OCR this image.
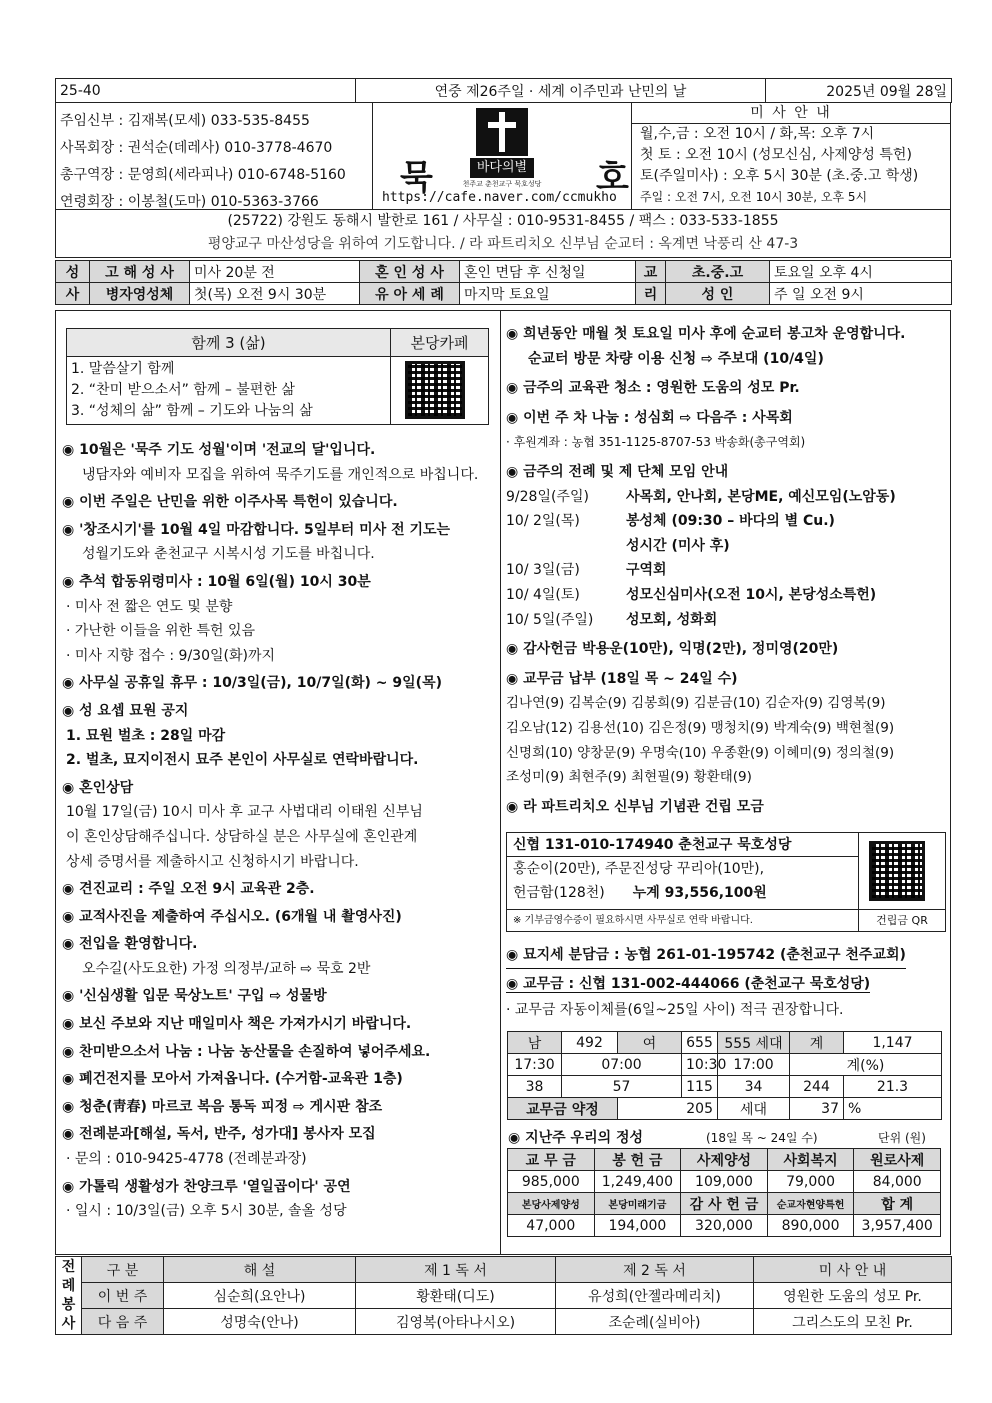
25-40	연중 제26주일 · 세계 이주민과 난민의 날	2025년 09월 28일
주임신부 : 김재복(모세) 033-535-8455
사목회장 : 권석순(데레사) 010-3778-4670
총구역장 : 문영희(세라피나) 010-6748-5160
연령회장 : 이봉철(도마) 010-5363-3766
묵	호
바다의별
천주교 춘천교구 묵호성당
https://cafe.naver.com/ccmukho
미 사 안 내
월,수,금 : 오전 10시 / 화,목: 오후 7시
첫 토 : 오전 10시 (성모신심, 사제양성 특헌)
토(주일미사) : 오후 5시 30분 (초.중.고 학생)
주일 : 오전 7시, 오전 10시 30분, 오후 5시
(25722) 강원도 동해시 발한로 161 / 사무실 : 010-9531-8455 / 팩스 : 033-533-1855
평양교구 마산성당을 위하여 기도합니다. / 라 파트리치오 신부님 순교터 : 옥계면 낙풍리 산 47-3
성	고 해 성 사	미사 20분 전	혼 인 성 사	혼인 면담 후 신청일	교	초.중.고	토요일 오후 4시
사	병자영성체	첫(목) 오전 9시 30분	유 아 세 례	마지막 토요일	리	성 인	주 일 오전 9시
함께 3 (삶)	본당카페

1. 말씀살기 함께
2. “찬미 받으소서” 함께 – 불편한 삶
3. “성체의 삶” 함께 – 기도와 나눔의 삶	

◉ 10월은 '묵주 기도 성월'이며 '전교의 달'입니다.
냉담자와 예비자 모집을 위하여 묵주기도를 개인적으로 바칩니다.
◉ 이번 주일은 난민을 위한 이주사목 특헌이 있습니다.
◉ '창조시기'를 10월 4일 마감합니다. 5일부터 미사 전 기도는
성월기도와 춘천교구 시복시성 기도를 바칩니다.
◉ 추석 합동위령미사 : 10월 6일(월) 10시 30분
· 미사 전 짧은 연도 및 분향
· 가난한 이들을 위한 특헌 있음
· 미사 지향 접수 : 9/30일(화)까지
◉ 사무실 공휴일 휴무 : 10/3일(금), 10/7일(화) ~ 9일(목)
◉ 성 요셉 묘원 공지
1. 묘원 벌초 : 28일 마감
2. 벌초, 묘지이전시 묘주 본인이 사무실로 연락바랍니다.
◉ 혼인상담
10월 17일(금) 10시 미사 후 교구 사법대리 이태원 신부님
이 혼인상담해주십니다. 상담하실 분은 사무실에 혼인관계
상세 증명서를 제출하시고 신청하시기 바랍니다.
◉ 견진교리 : 주일 오전 9시 교육관 2층.
◉ 교적사진을 제출하여 주십시오. (6개월 내 촬영사진)
◉ 전입을 환영합니다.
오수길(사도요한) 가정 의정부/교하 ⇨ 묵호 2반
◉ '신심생활 입문 묵상노트' 구입 ⇨ 성물방
◉ 보신 주보와 지난 매일미사 책은 가져가시기 바랍니다.
◉ 찬미받으소서 나눔 : 나눔 농산물을 손질하여 넣어주세요.
◉ 폐건전지를 모아서 가져옵니다. (수거함-교육관 1층)
◉ 청춘(靑春) 마르코 복음 통독 피정 ⇨ 게시판 참조
◉ 전례분과[해설, 독서, 반주, 성가대] 봉사자 모집
· 문의 : 010-9425-4778 (전례분과장)
◉ 가톨릭 생활성가 찬양크루 '열일곱이다' 공연
· 일시 : 10/3일(금) 오후 5시 30분, 솔올 성당
◉ 희년동안 매월 첫 토요일 미사 후에 순교터 봉고차 운영합니다.
순교터 방문 차량 이용 신청 ⇨ 주보대 (10/4일)
◉ 금주의 교육관 청소 : 영원한 도움의 성모 Pr.
◉ 이번 주 차 나눔 : 성심회 ⇨ 다음주 : 사목회
· 후원계좌 : 농협 351-1125-8707-53 박송화(총구역회)
◉ 금주의 전례 및 제 단체 모임 안내
9/28일(주일)	사목회, 안나회, 본당ME, 예신모임(노암동)
10/ 2일(목)	봉성체 (09:30 – 바다의 별 Cu.)
성시간 (미사 후)
10/ 3일(금)	구역회
10/ 4일(토)	성모신심미사(오전 10시, 본당성소특헌)
10/ 5일(주일)	성모회, 성화회
◉ 감사헌금 박용운(10만), 익명(2만), 정미영(20만)
◉ 교무금 납부 (18일 목 ~ 24일 수)
김나연(9) 김복순(9) 김봉희(9) 김분금(10) 김순자(9) 김영복(9)
김오남(12) 김용선(10) 김은정(9) 맹청치(9) 박계숙(9) 백현철(9)
신명희(10) 양창문(9) 우명숙(10) 우종환(9) 이혜미(9) 정의철(9)
조성미(9) 최현주(9) 최현필(9) 황환태(9)
◉ 라 파트리치오 신부님 기념관 건립 모금
신협 131-010-174940 춘천교구 묵호성당
홍순이(20만), 주문진성당 꾸리아(10만),
헌금함(128천) 누계 93,556,100원
※ 기부금영수증이 필요하시면 사무실로 연락 바랍니다.	건립금 QR
◉ 묘지세 분담금 : 농협 261-01-195742 (춘천교구 천주교회)
◉ 교무금 : 신협 131-002-444066 (춘천교구 묵호성당)
· 교무금 자동이체를(6일~25일 사이) 적극 권장합니다.
남	492	여	655	555 세대	계	1,147
17:30	07:00		10:30	17:00	계(%)	
38	57		115	34	244	21.3
교무금 약정		205		세대	37	%
◉ 지난주 우리의 정성	(18일 목 ~ 24일 수)	단위 (원)
교 무 금	봉 헌 금	사제양성	사회복지	원로사제
985,000	1,249,400	109,000	79,000	84,000
본당사제양성	본당미래기금	감 사 헌 금	순교자현양특헌	합 계
47,000	194,000	320,000	890,000	3,957,400
전
례
봉
사	구 분	해 설	제 1 독 서	제 2 독 서	미 사 안 내
	이 번 주	심순희(요안나)	황환태(디도)	유성희(안젤라메리치)	영원한 도움의 성모 Pr.
	다 음 주	성명숙(안나)	김영복(아타나시오)	조순례(실비아)	그리스도의 모친 Pr.
